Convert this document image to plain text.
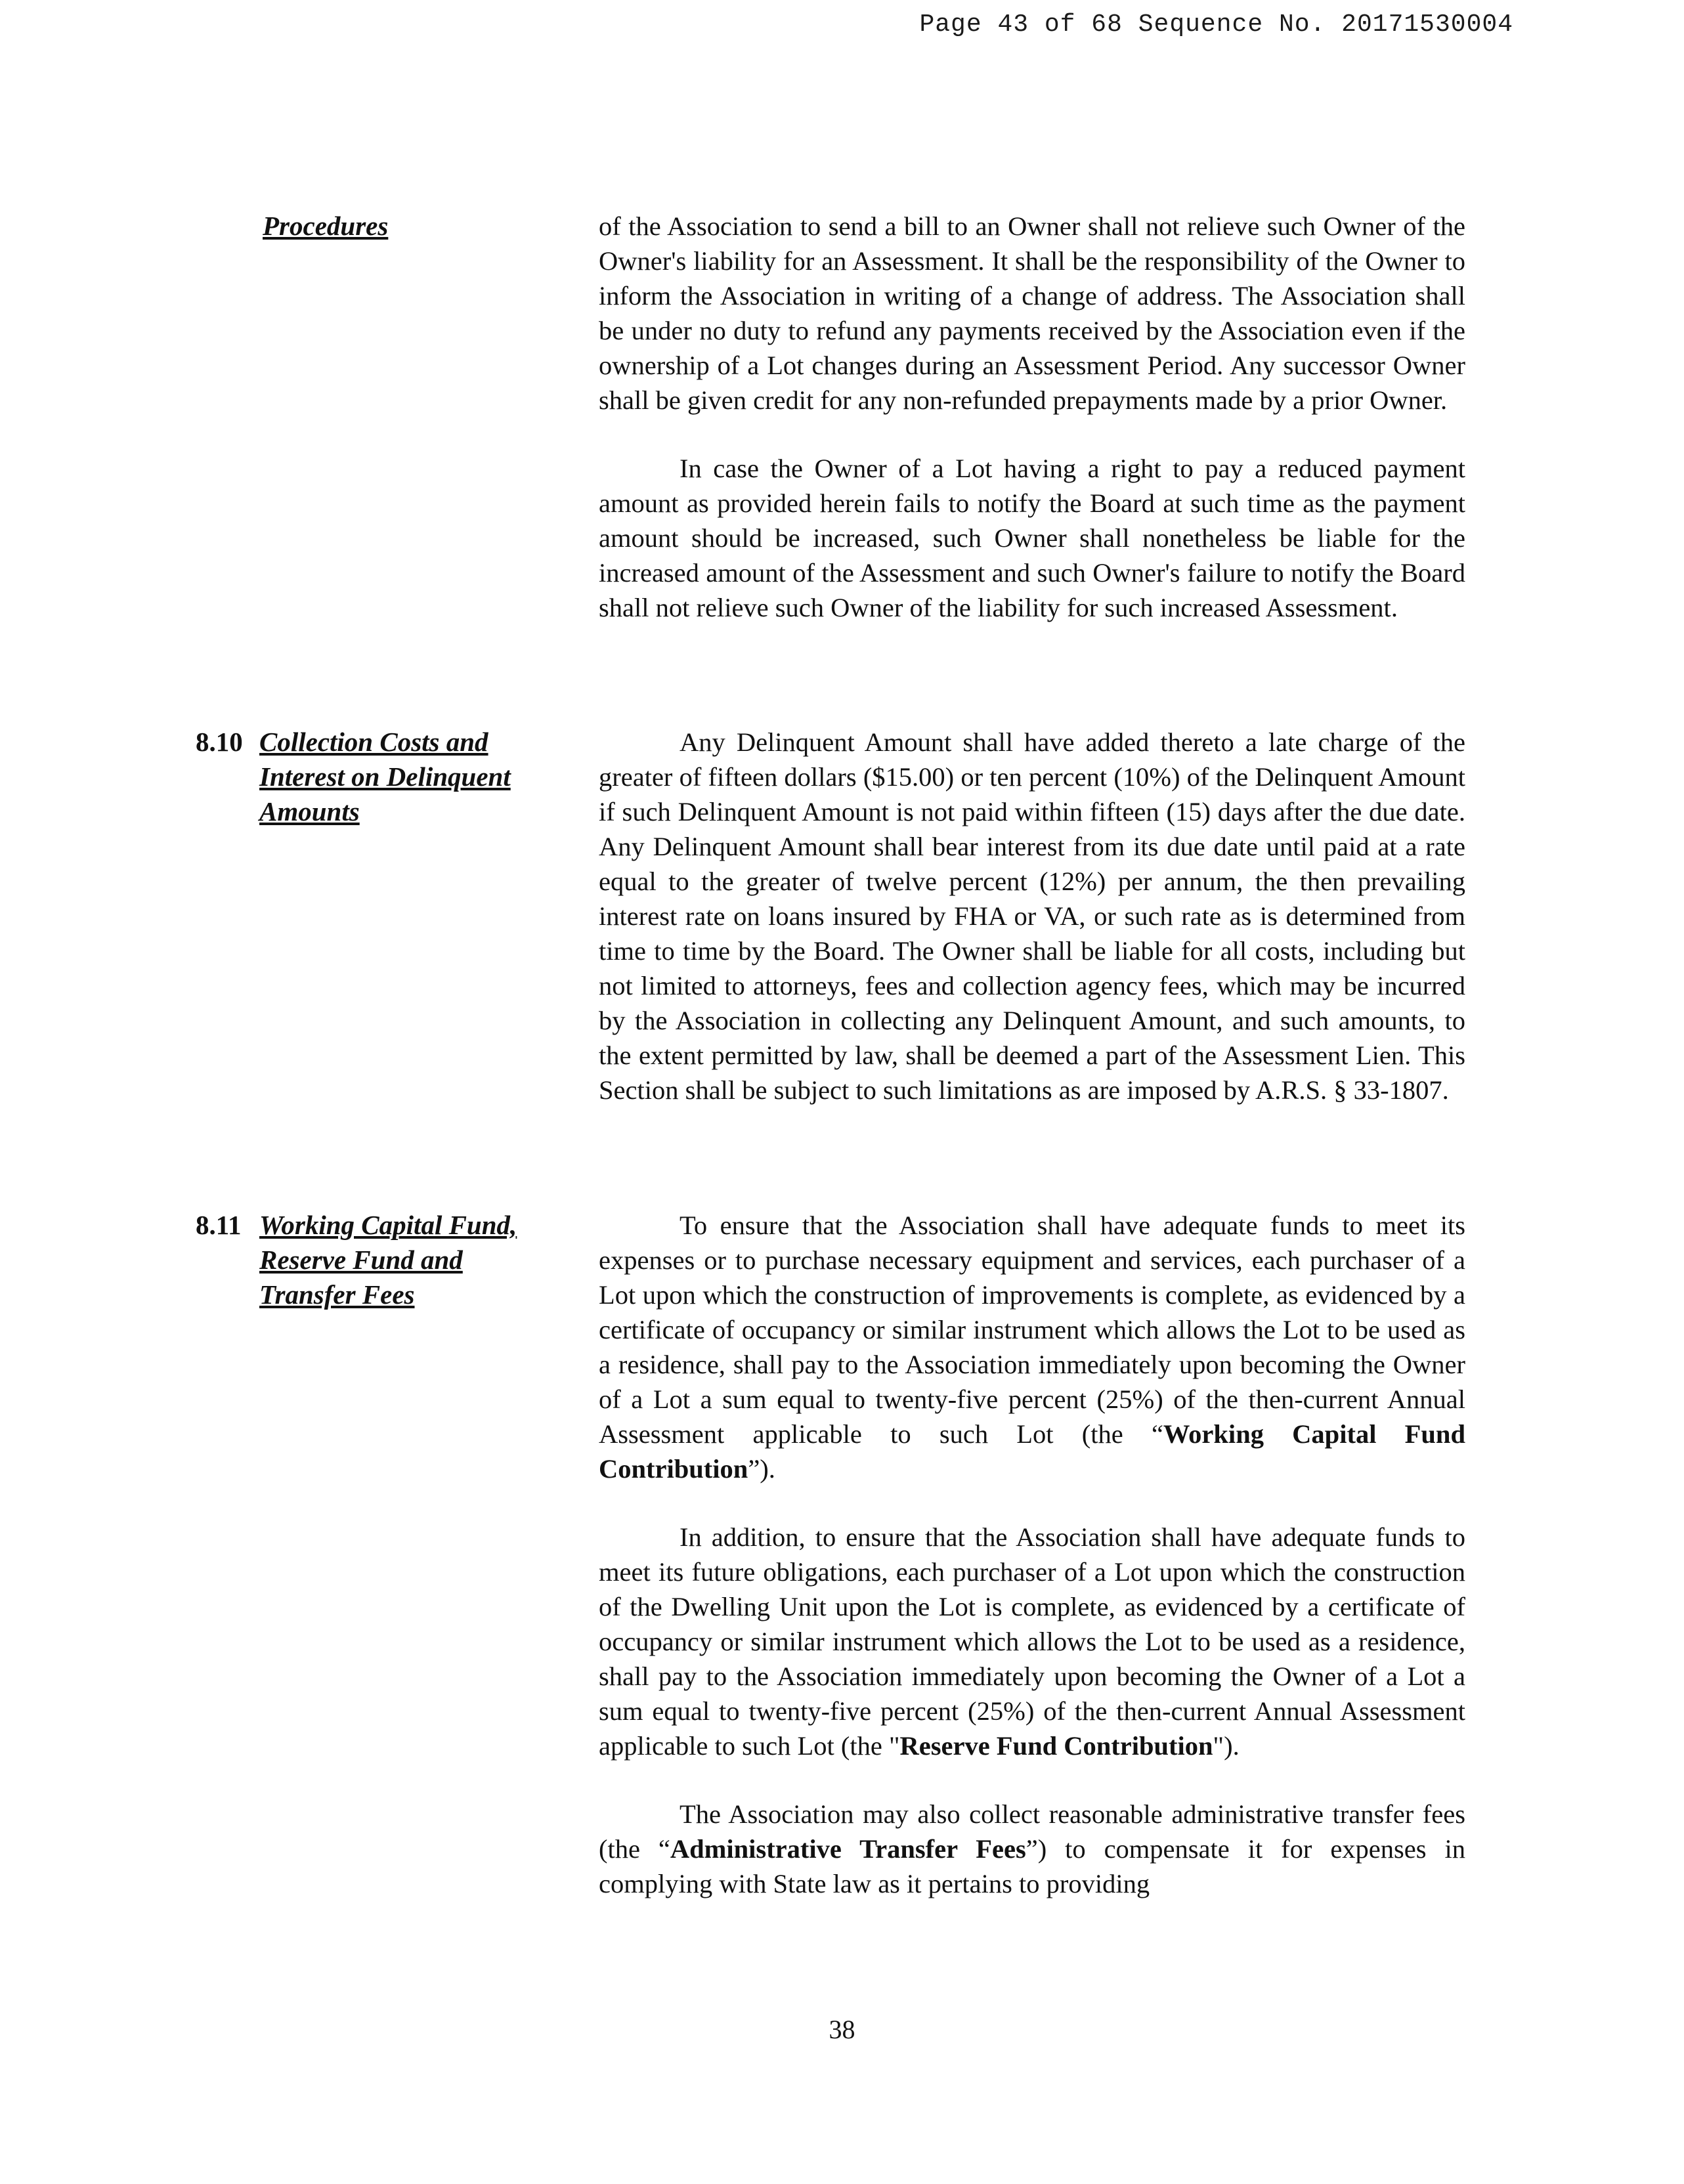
Page 43 of 68 Sequence No. 20171530004
Procedures	of the Association to send a bill to an Owner shall not relieve such Owner of the Owner's liability for an Assessment. It shall be the responsibility of the Owner to inform the Association in writing of a change of address. The Association shall be under no duty to refund any payments received by the Association even if the ownership of a Lot changes during an Assessment Period. Any successor Owner shall be given credit for any non-refunded prepayments made by a prior Owner.

In case the Owner of a Lot having a right to pay a reduced payment amount as provided herein fails to notify the Board at such time as the payment amount should be increased, such Owner shall nonetheless be liable for the increased amount of the Assessment and such Owner's failure to notify the Board shall not relieve such Owner of the liability for such increased Assessment.

8.10 Collection Costs and Interest on Delinquent Amounts

Any Delinquent Amount shall have added thereto a late charge of the greater of fifteen dollars ($15.00) or ten percent (10%) of the Delinquent Amount if such Delinquent Amount is not paid within fifteen (15) days after the due date. Any Delinquent Amount shall bear interest from its due date until paid at a rate equal to the greater of twelve percent (12%) per annum, the then prevailing interest rate on loans insured by FHA or VA, or such rate as is determined from time to time by the Board. The Owner shall be liable for all costs, including but not limited to attorneys, fees and collection agency fees, which may be incurred by the Association in collecting any Delinquent Amount, and such amounts, to the extent permitted by law, shall be deemed a part of the Assessment Lien. This Section shall be subject to such limitations as are imposed by A.R.S. § 33-1807.

8.11 Working Capital Fund, Reserve Fund and Transfer Fees

To ensure that the Association shall have adequate funds to meet its expenses or to purchase necessary equipment and services, each purchaser of a Lot upon which the construction of improvements is complete, as evidenced by a certificate of occupancy or similar instrument which allows the Lot to be used as a residence, shall pay to the Association immediately upon becoming the Owner of a Lot a sum equal to twenty-five percent (25%) of the then-current Annual Assessment applicable to such Lot (the “Working Capital Fund Contribution”).

In addition, to ensure that the Association shall have adequate funds to meet its future obligations, each purchaser of a Lot upon which the construction of the Dwelling Unit upon the Lot is complete, as evidenced by a certificate of occupancy or similar instrument which allows the Lot to be used as a residence, shall pay to the Association immediately upon becoming the Owner of a Lot a sum equal to twenty-five percent (25%) of the then-current Annual Assessment applicable to such Lot (the "Reserve Fund Contribution").

The Association may also collect reasonable administrative transfer fees (the “Administrative Transfer Fees”) to compensate it for expenses in complying with State law as it pertains to providing

38
